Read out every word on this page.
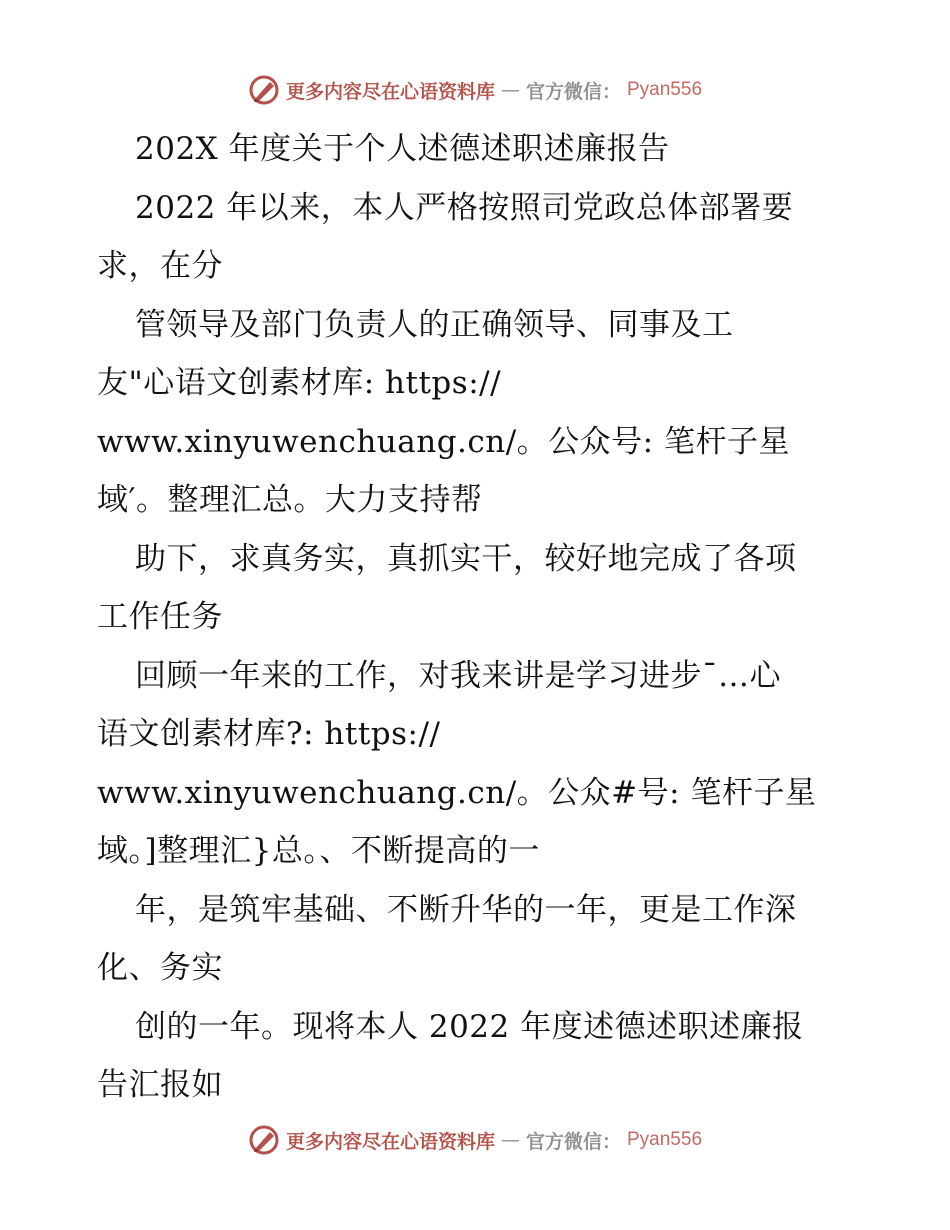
更多内容尽在心语资料库 — 官方微信： Pyan556
202X 年度关于个人述德述职述廉报告
2022 年以来，本人严格按照司党政总体部署要
求，在分
管领导及部门负责人的正确领导、同事及工
友"心语文创素材库: https://
www.xinyuwenchuang.cn/。公众号: 笔杆子星
域′。整理汇总。大力支持帮
助下，求真务实，真抓实干，较好地完成了各项
工作任务
回顾一年来的工作，对我来讲是学习进步¯…心
语文创素材库?: https://
www.xinyuwenchuang.cn/。公众#号: 笔杆子星
域。]整理汇}总。、不断提高的一
年，是筑牢基础、不断升华的一年，更是工作深
化、务实
创的一年。现将本人 2022 年度述德述职述廉报
告汇报如
更多内容尽在心语资料库 — 官方微信： Pyan556
